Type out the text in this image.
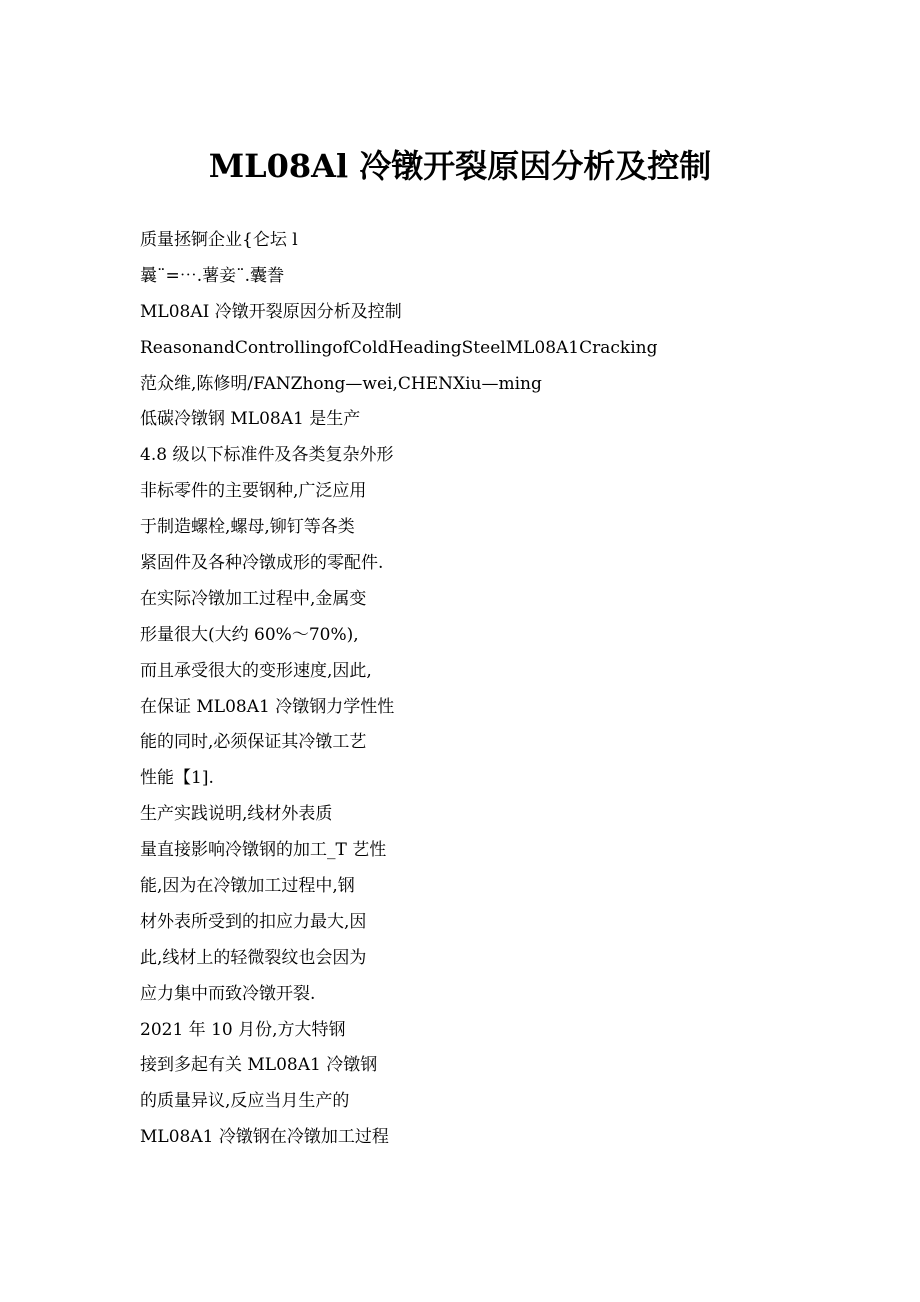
ML08Al 冷镦开裂原因分析及控制
质量拯锕企业{仑坛 l
曩¨=⋯.薯妾¨.囊誊
ML08AI 冷镦开裂原因分析及控制
ReasonandControllingofColdHeadingSteelML08A1Cracking
范众维,陈修明/FANZhong—wei,CHENXiu—ming
低碳冷镦钢 ML08A1 是生产
4.8 级以下标准件及各类复杂外形
非标零件的主要钢种,广泛应用
于制造螺栓,螺母,铆钉等各类
紧固件及各种冷镦成形的零配件.
在实际冷镦加工过程中,金属变
形量很大(大约 60%～70%),
而且承受很大的变形速度,因此,
在保证 ML08A1 冷镦钢力学性性
能的同时,必须保证其冷镦工艺
性能【1].
生产实践说明,线材外表质
量直接影响冷镦钢的加工_T 艺性
能,因为在冷镦加工过程中,钢
材外表所受到的扣应力最大,因
此,线材上的轻微裂纹也会因为
应力集中而致冷镦开裂.
2021 年 10 月份,方大特钢
接到多起有关 ML08A1 冷镦钢
的质量异议,反应当月生产的
ML08A1 冷镦钢在冷镦加工过程
